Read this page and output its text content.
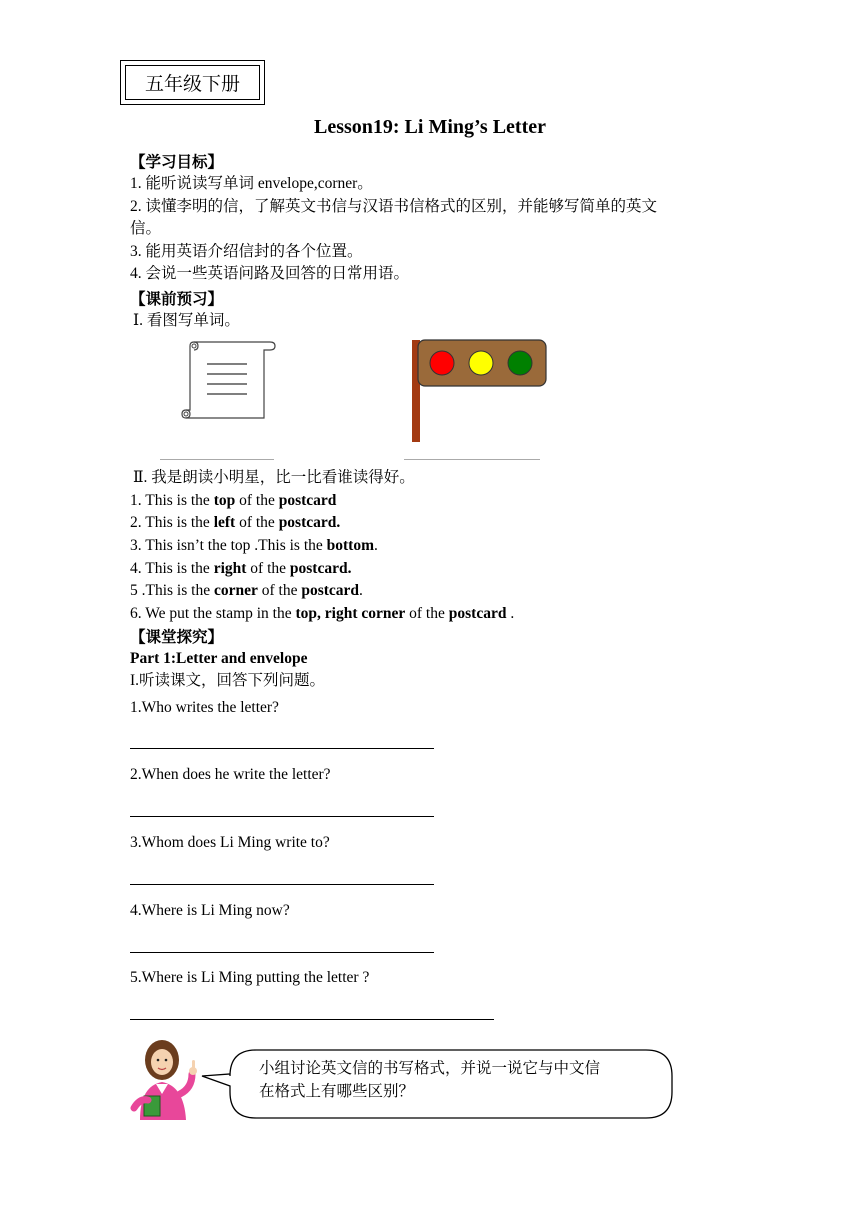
五年级下册
Lesson19: Li Ming’s Letter
【学习目标】
1. 能听说读写单词 envelope,corner。
2. 读懂李明的信，了解英文书信与汉语书信格式的区别，并能够写简单的英文
信。
3. 能用英语介绍信封的各个位置。
4. 会说一些英语问路及回答的日常用语。
【课前预习】
Ⅰ. 看图写单词。
Ⅱ. 我是朗读小明星，比一比看谁读得好。
1. This is the top of the postcard
2. This is the left of the postcard.
3. This isn’t the top .This is the bottom.
4. This is the right of the postcard.
5 .This is the corner of the postcard.
6. We put the stamp in the top, right corner of the postcard .
【课堂探究】
Part 1:Letter and envelope
I.听读课文，回答下列问题。
1.Who writes the letter?
2.When does he write the letter?
3.Whom does Li Ming write to?
4.Where is Li Ming now?
5.Where is Li Ming putting the letter ?
小组讨论英文信的书写格式，并说一说它与中文信
在格式上有哪些区别？
